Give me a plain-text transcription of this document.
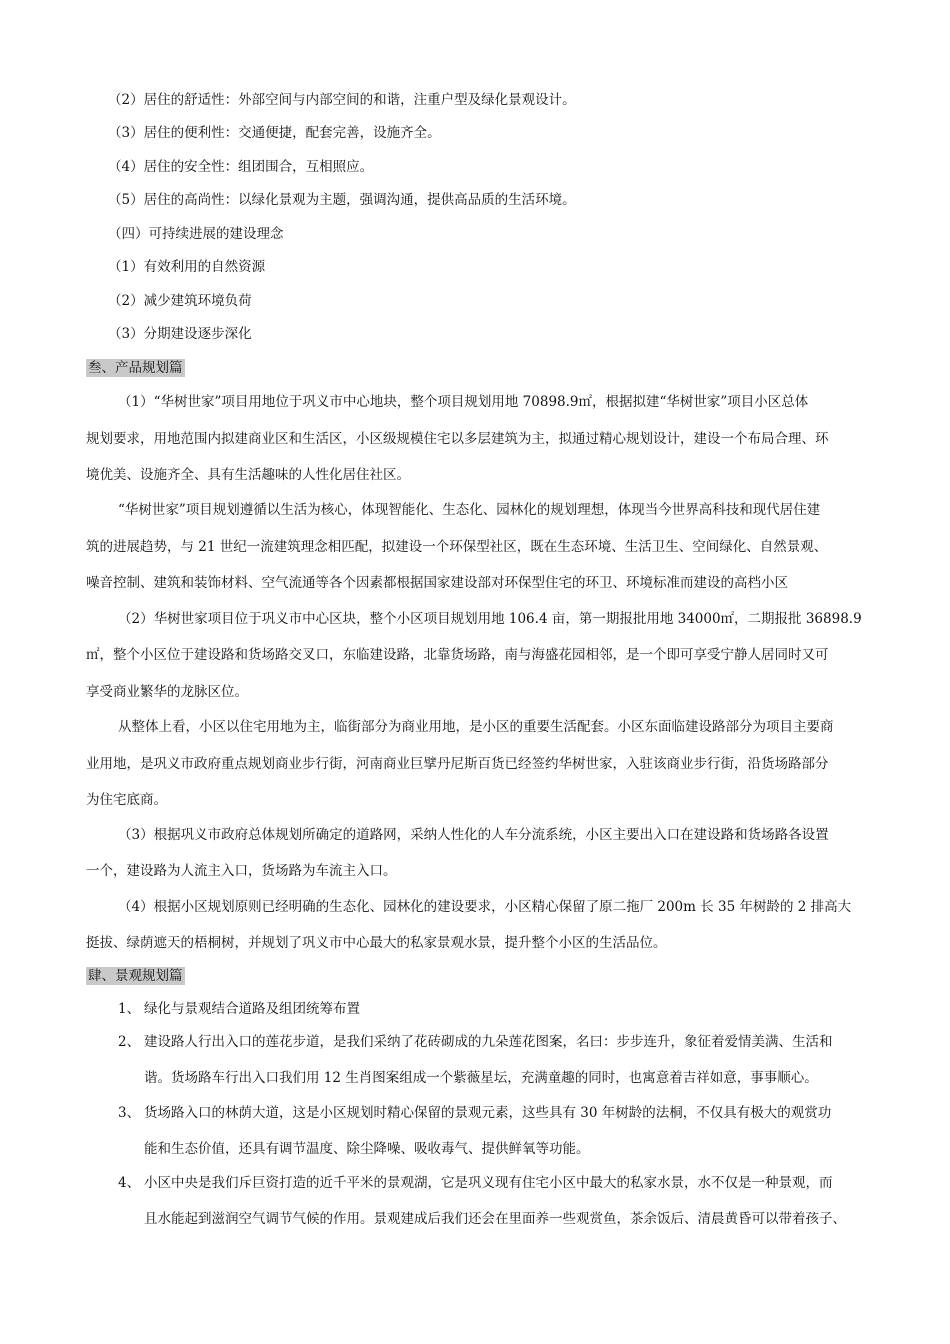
（2）居住的舒适性：外部空间与内部空间的和谐，注重户型及绿化景观设计。
（3）居住的便利性：交通便捷，配套完善，设施齐全。
（4）居住的安全性：组团围合，互相照应。
（5）居住的高尚性：以绿化景观为主题，强调沟通，提供高品质的生活环境。
（四）可持续进展的建设理念
（1）有效利用的自然资源
（2）减少建筑环境负荷
（3）分期建设逐步深化
叁、产品规划篇
（1）“华树世家”项目用地位于巩义市中心地块，整个项目规划用地 70898.9㎡，根据拟建“华树世家”项目小区总体
规划要求，用地范围内拟建商业区和生活区，小区级规模住宅以多层建筑为主，拟通过精心规划设计，建设一个布局合理、环
境优美、设施齐全、具有生活趣味的人性化居住社区。
“华树世家”项目规划遵循以生活为核心，体现智能化、生态化、园林化的规划理想，体现当今世界高科技和现代居住建
筑的进展趋势，与 21 世纪一流建筑理念相匹配，拟建设一个环保型社区，既在生态环境、生活卫生、空间绿化、自然景观、
噪音控制、建筑和装饰材料、空气流通等各个因素都根据国家建设部对环保型住宅的环卫、环境标准而建设的高档小区
（2）华树世家项目位于巩义市中心区块，整个小区项目规划用地 106.4 亩，第一期报批用地 34000㎡，二期报批 36898.9
㎡，整个小区位于建设路和货场路交叉口，东临建设路，北靠货场路，南与海盛花园相邻，是一个即可享受宁静人居同时又可
享受商业繁华的龙脉区位。
从整体上看，小区以住宅用地为主，临街部分为商业用地，是小区的重要生活配套。小区东面临建设路部分为项目主要商
业用地，是巩义市政府重点规划商业步行街，河南商业巨擘丹尼斯百货已经签约华树世家，入驻该商业步行街，沿货场路部分
为住宅底商。
（3）根据巩义市政府总体规划所确定的道路网，采纳人性化的人车分流系统，小区主要出入口在建设路和货场路各设置
一个，建设路为人流主入口，货场路为车流主入口。
（4）根据小区规划原则已经明确的生态化、园林化的建设要求，小区精心保留了原二拖厂 200m 长 35 年树龄的 2 排高大
挺拔、绿荫遮天的梧桐树，并规划了巩义市中心最大的私家景观水景，提升整个小区的生活品位。
肆、景观规划篇
1、 绿化与景观结合道路及组团统筹布置
2、 建设路人行出入口的莲花步道，是我们采纳了花砖砌成的九朵莲花图案，名曰：步步连升，象征着爱情美满、生活和
谐。货场路车行出入口我们用 12 生肖图案组成一个紫薇星坛，充满童趣的同时，也寓意着吉祥如意，事事顺心。
3、 货场路入口的林荫大道，这是小区规划时精心保留的景观元素，这些具有 30 年树龄的法桐，不仅具有极大的观赏功
能和生态价值，还具有调节温度、除尘降噪、吸收毒气、提供鲜氧等功能。
4、 小区中央是我们斥巨资打造的近千平米的景观湖，它是巩义现有住宅小区中最大的私家水景，水不仅是一种景观，而
且水能起到滋润空气调节气候的作用。景观建成后我们还会在里面养一些观赏鱼，茶余饭后、清晨黄昏可以带着孩子、
